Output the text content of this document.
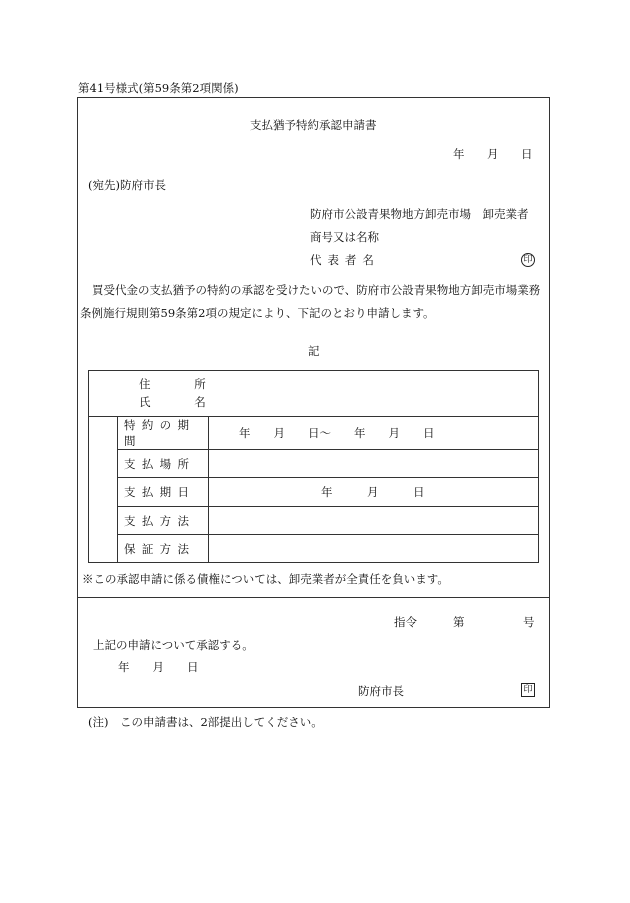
第41号様式(第59条第2項関係)
支払猶予特約承認申請書
年 月 日
(宛先)防府市長
防府市公設青果物地方卸売市場　卸売業者
商号又は名称
代 表 者 名	印
買受代金の支払猶予の特約の承認を受けたいので、防府市公設青果物地方卸売市場業務
条例施行規則第59条第2項の規定により、下記のとおり申請します。
記
住　所
氏　名		

	特約の期間	年　　月　　日〜　　年　　月　　日
	支払場所	
	支払期日	年　　　月　　　日
	支払方法	
	保証方法	
※この承認申請に係る債権については、卸売業者が全責任を負います。
指令	第	号
上記の申請について承認する。
年　　月　　日
防府市長	印
(注)　この申請書は、2部提出してください。
